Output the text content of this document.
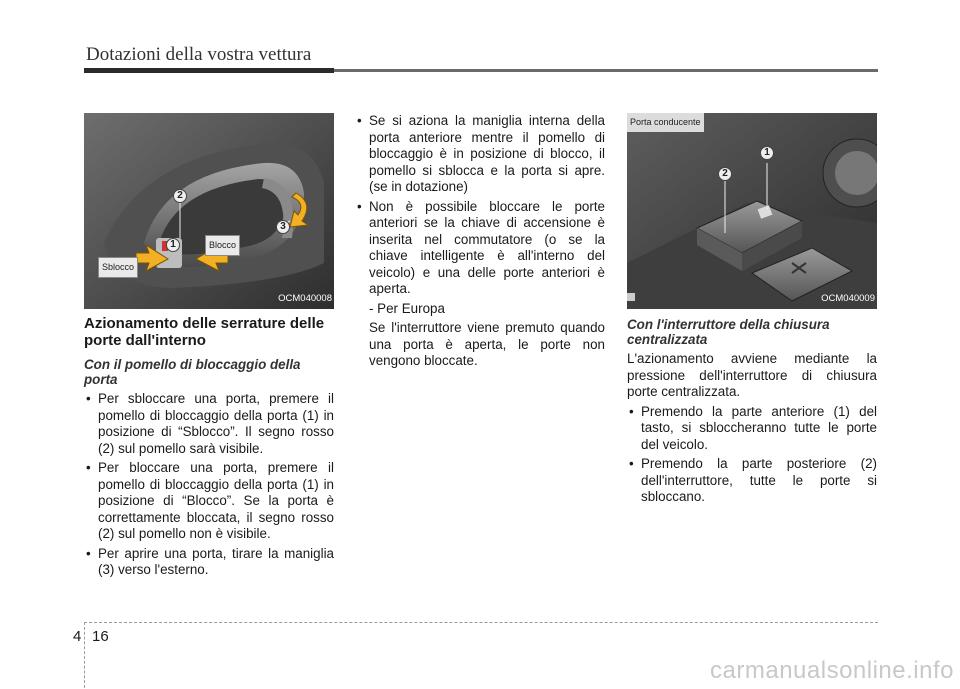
Dotazioni della vostra vettura
2
1
3
Sblocco
Blocco
OCM040008
Azionamento delle serrature delle porte dall'interno
Con il pomello di bloccaggio della porta
• Per sbloccare una porta, premere il pomello di bloccaggio della porta (1) in posizione di “Sblocco”. Il segno rosso (2) sul pomello sarà visibile.
• Per bloccare una porta, premere il pomello di bloccaggio della porta (1) in posizione di “Blocco”. Se la porta è correttamente bloccata, il segno rosso (2) sul pomello non è visibile.
• Per aprire una porta, tirare la maniglia (3) verso l'esterno.
• Se si aziona la maniglia interna della porta anteriore mentre il pomello di bloccaggio è in posizione di blocco, il pomello si sblocca e la porta si apre. (se in dotazione)
• Non è possibile bloccare le porte anteriori se la chiave di accensione è inserita nel commutatore (o se la chiave intelligente è all'interno del veicolo) e una delle porte anteriori è aperta.

- Per Europa

Se l'interruttore viene premuto quando una porta è aperta, le porte non vengono bloccate.

Porta conducente
1
2
OCM040009
Con l'interruttore della chiusura centralizzata

L'azionamento avviene mediante la pressione dell'interruttore di chiusura porte centralizzata.

• Premendo la parte anteriore (1) del tasto, si sbloccheranno tutte le porte del veicolo.
• Premendo la parte posteriore (2) dell'interruttore, tutte le porte si sbloccano.
4 16
carmanualsonline.info
